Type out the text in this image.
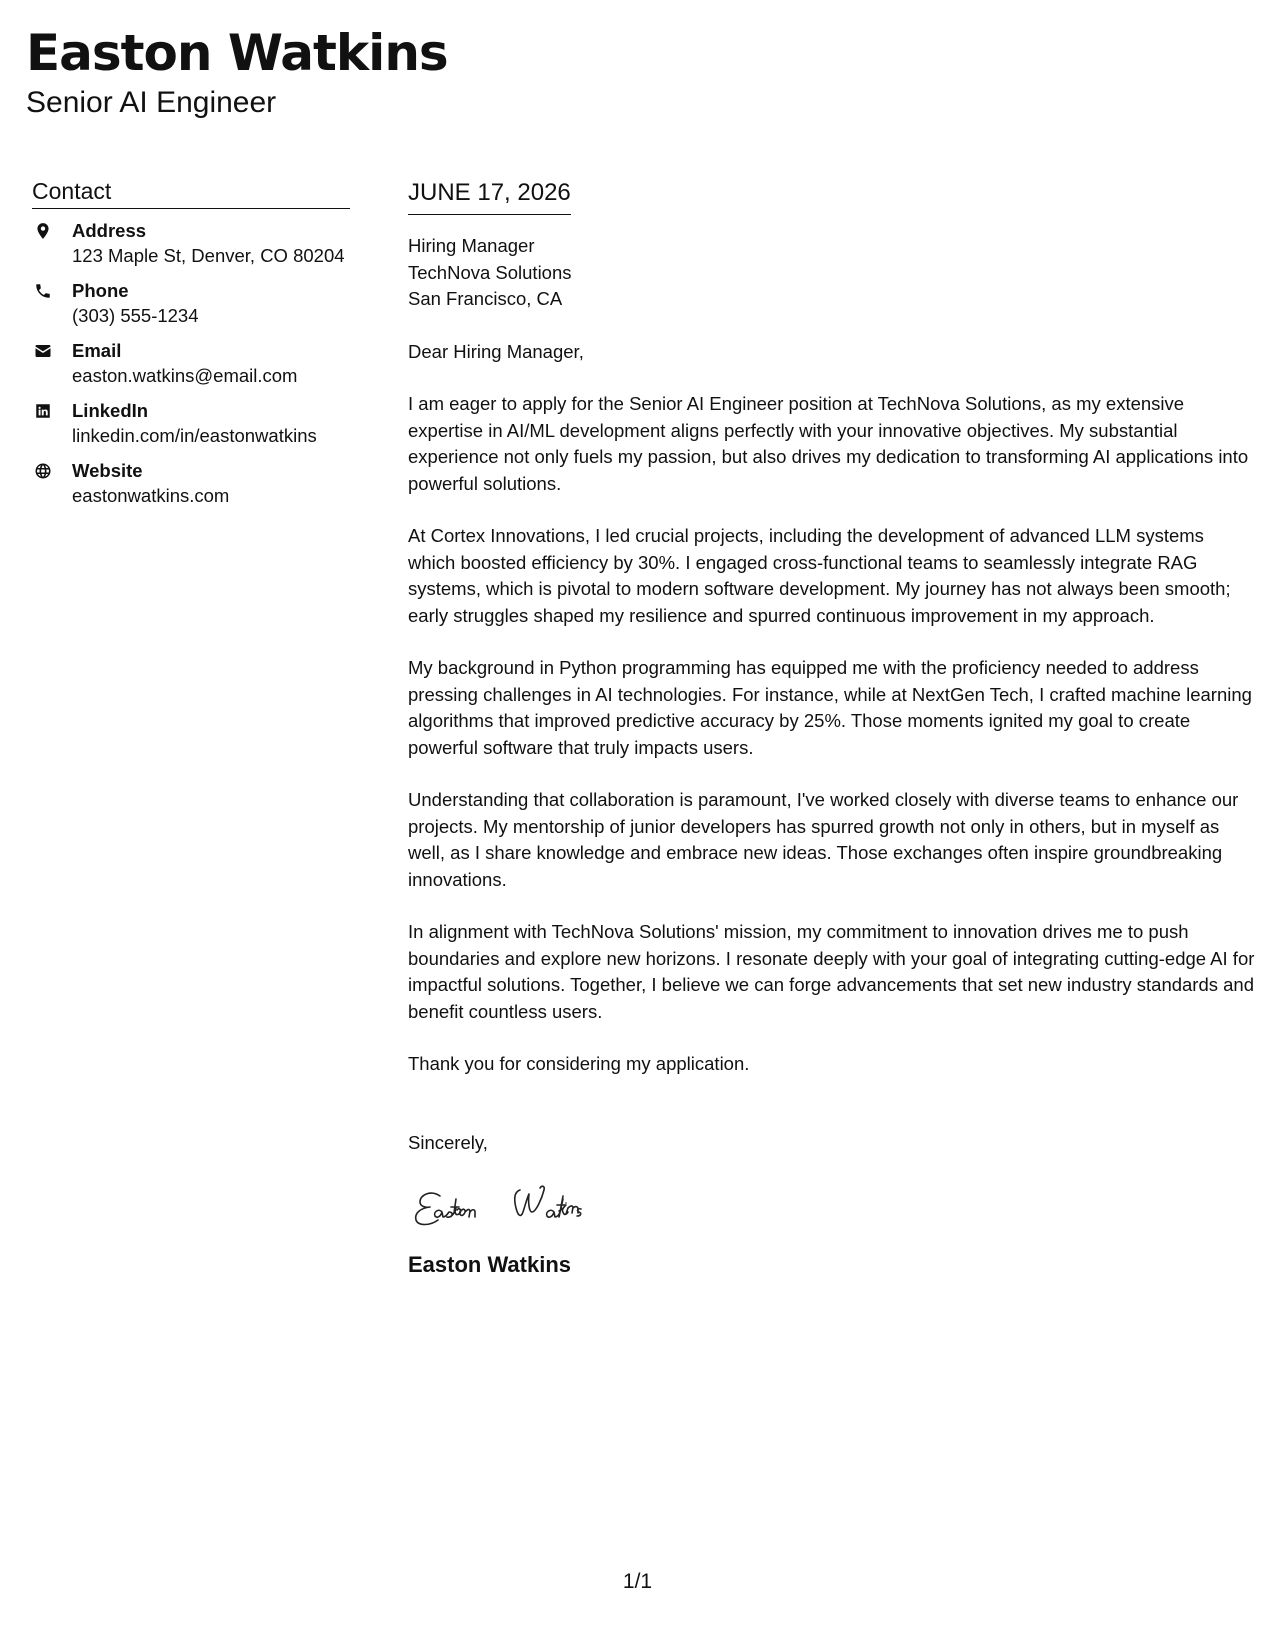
Easton Watkins
Senior AI Engineer
Contact
Address
123 Maple St, Denver, CO 80204
Phone
(303) 555-1234
Email
easton.watkins@email.com
LinkedIn
linkedin.com/in/eastonwatkins
Website
eastonwatkins.com
JUNE 17, 2026
Hiring Manager
TechNova Solutions
San Francisco, CA

Dear Hiring Manager,

I am eager to apply for the Senior AI Engineer position at TechNova Solutions, as my extensive expertise in AI/ML development aligns perfectly with your innovative objectives. My substantial experience not only fuels my passion, but also drives my dedication to transforming AI applications into powerful solutions.

At Cortex Innovations, I led crucial projects, including the development of advanced LLM systems which boosted efficiency by 30%. I engaged cross-functional teams to seamlessly integrate RAG systems, which is pivotal to modern software development. My journey has not always been smooth; early struggles shaped my resilience and spurred continuous improvement in my approach.

My background in Python programming has equipped me with the proficiency needed to address pressing challenges in AI technologies. For instance, while at NextGen Tech, I crafted machine learning algorithms that improved predictive accuracy by 25%. Those moments ignited my goal to create powerful software that truly impacts users.

Understanding that collaboration is paramount, I've worked closely with diverse teams to enhance our projects. My mentorship of junior developers has spurred growth not only in others, but in myself as well, as I share knowledge and embrace new ideas. Those exchanges often inspire groundbreaking innovations.

In alignment with TechNova Solutions' mission, my commitment to innovation drives me to push boundaries and explore new horizons. I resonate deeply with your goal of integrating cutting-edge AI for impactful solutions. Together, I believe we can forge advancements that set new industry standards and benefit countless users.

Thank you for considering my application.

Sincerely,
Easton Watkins
1/1
